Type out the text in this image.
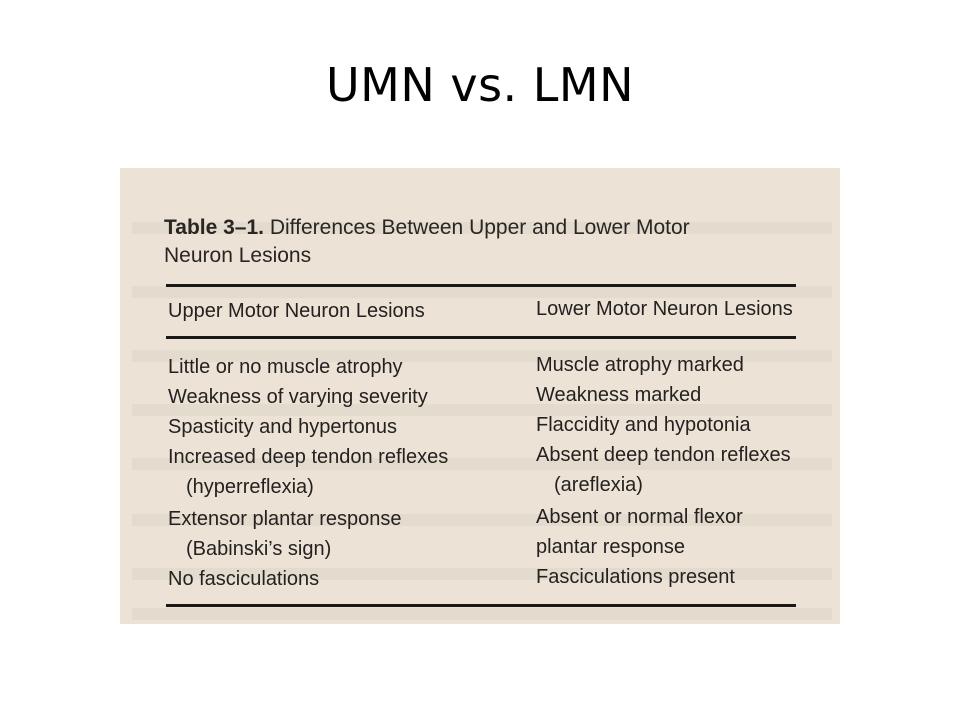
UMN vs. LMN
Table 3–1. Differences Between Upper and Lower Motor Neuron Lesions
Upper Motor Neuron Lesions	Lower Motor Neuron Lesions
Little or no muscle atrophy
Weakness of varying severity
Spasticity and hypertonus
Increased deep tendon reflexes
(hyperreflexia)
Extensor plantar response
(Babinski’s sign)
No fasciculations
Muscle atrophy marked
Weakness marked
Flaccidity and hypotonia
Absent deep tendon reflexes
(areflexia)
Absent or normal flexor
plantar response
Fasciculations present
